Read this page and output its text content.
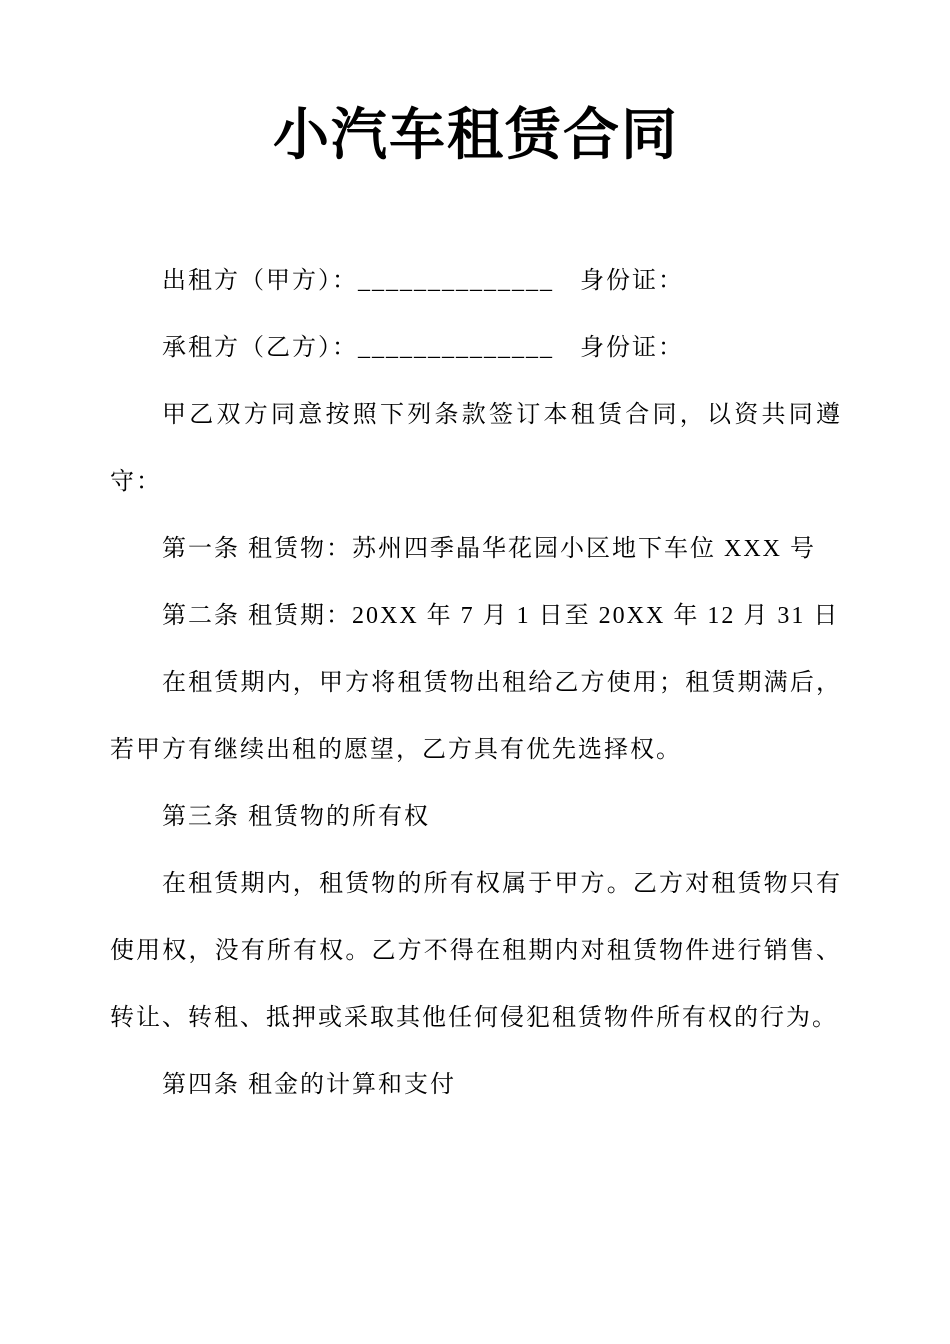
小汽车租赁合同

出租方（甲方）：______________　身份证：

承租方（乙方）：______________　身份证：

甲乙双方同意按照下列条款签订本租赁合同，以资共同遵守：

第一条 租赁物：苏州四季晶华花园小区地下车位 XXX 号

第二条 租赁期：20XX 年 7 月 1 日至 20XX 年 12 月 31 日

在租赁期内，甲方将租赁物出租给乙方使用；租赁期满后，若甲方有继续出租的愿望，乙方具有优先选择权。

第三条 租赁物的所有权

在租赁期内，租赁物的所有权属于甲方。乙方对租赁物只有使用权，没有所有权。乙方不得在租期内对租赁物件进行销售、转让、转租、抵押或采取其他任何侵犯租赁物件所有权的行为。

第四条 租金的计算和支付
